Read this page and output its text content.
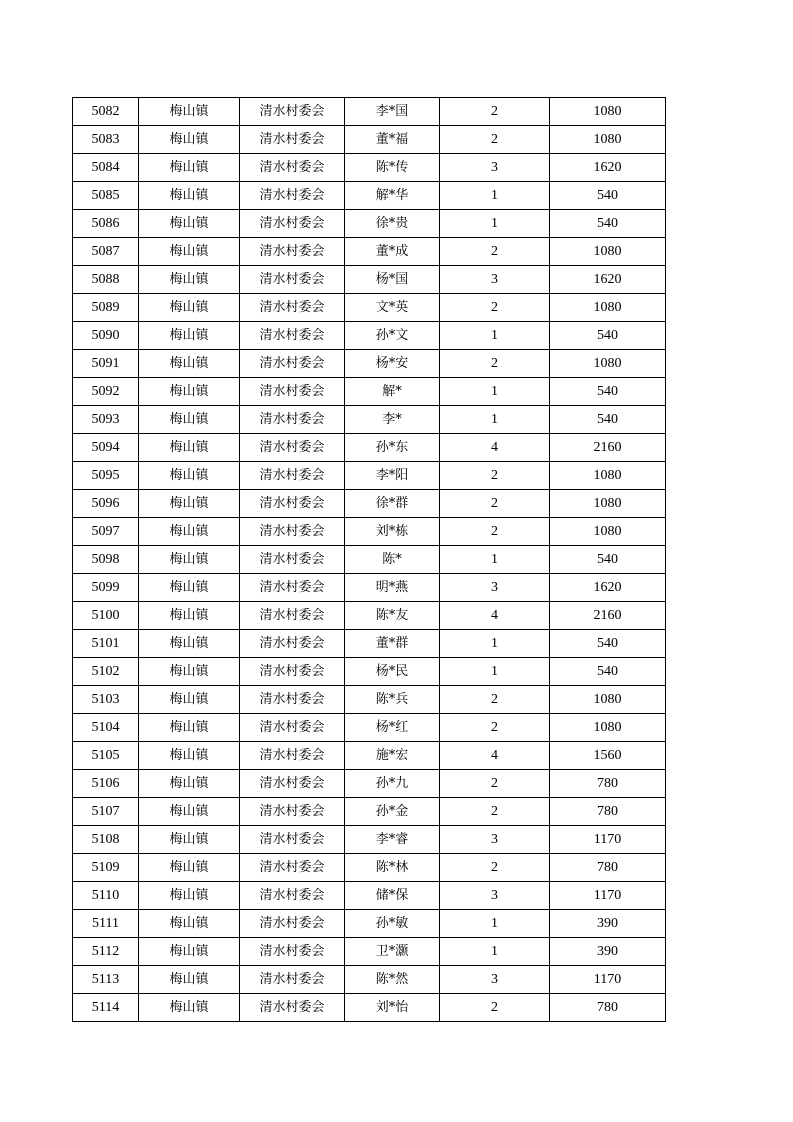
5082	梅山镇	清水村委会	李*国	2	1080
5083	梅山镇	清水村委会	董*福	2	1080
5084	梅山镇	清水村委会	陈*传	3	1620
5085	梅山镇	清水村委会	解*华	1	540
5086	梅山镇	清水村委会	徐*贵	1	540
5087	梅山镇	清水村委会	董*成	2	1080
5088	梅山镇	清水村委会	杨*国	3	1620
5089	梅山镇	清水村委会	文*英	2	1080
5090	梅山镇	清水村委会	孙*文	1	540
5091	梅山镇	清水村委会	杨*安	2	1080
5092	梅山镇	清水村委会	解*	1	540
5093	梅山镇	清水村委会	李*	1	540
5094	梅山镇	清水村委会	孙*东	4	2160
5095	梅山镇	清水村委会	李*阳	2	1080
5096	梅山镇	清水村委会	徐*群	2	1080
5097	梅山镇	清水村委会	刘*栋	2	1080
5098	梅山镇	清水村委会	陈*	1	540
5099	梅山镇	清水村委会	明*燕	3	1620
5100	梅山镇	清水村委会	陈*友	4	2160
5101	梅山镇	清水村委会	董*群	1	540
5102	梅山镇	清水村委会	杨*民	1	540
5103	梅山镇	清水村委会	陈*兵	2	1080
5104	梅山镇	清水村委会	杨*红	2	1080
5105	梅山镇	清水村委会	施*宏	4	1560
5106	梅山镇	清水村委会	孙*九	2	780
5107	梅山镇	清水村委会	孙*金	2	780
5108	梅山镇	清水村委会	李*睿	3	1170
5109	梅山镇	清水村委会	陈*林	2	780
5110	梅山镇	清水村委会	储*保	3	1170
5111	梅山镇	清水村委会	孙*敏	1	390
5112	梅山镇	清水村委会	卫*灏	1	390
5113	梅山镇	清水村委会	陈*然	3	1170
5114	梅山镇	清水村委会	刘*怡	2	780
